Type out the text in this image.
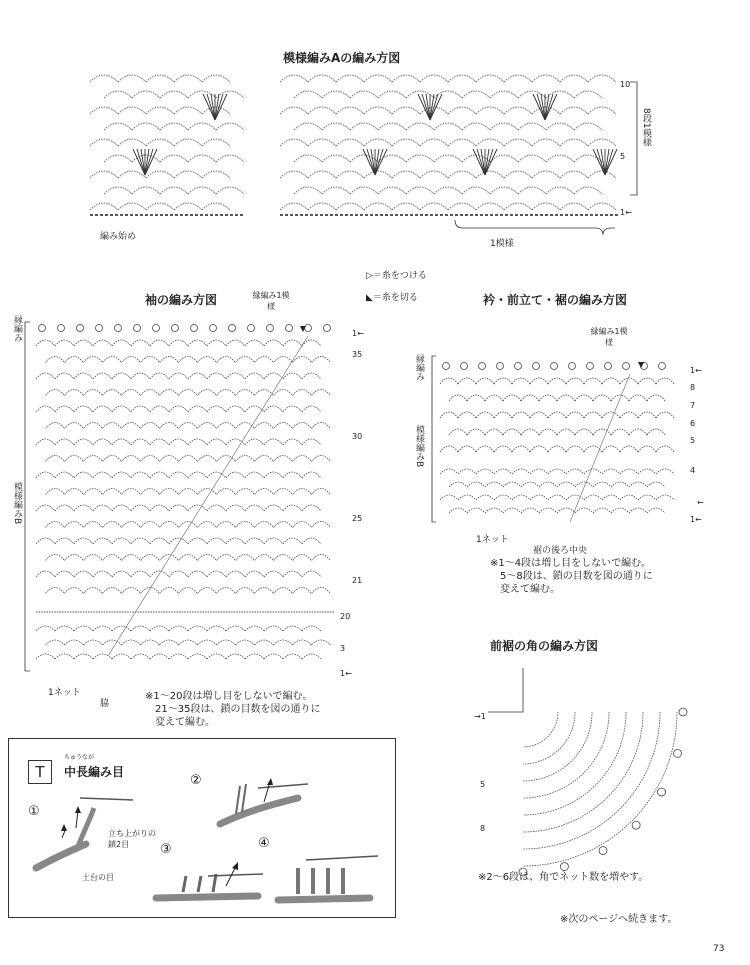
模様編みAの編み方図
10
5
1←
8段1模様
編み始め
1模様
▷＝糸をつける
◣＝糸を切る
袖の編み方図	縁編み1模様
縁編み
模様編みB
1←
35
30
25
21
20
3
1←
1ネット
脇
※1〜20段は増し目をしないで編む。
21〜35段は、鎖の目数を図の通りに
変えて編む。
衿・前立て・裾の編み方図
縁編み1模様
縁編み
模様編みB
1←
8
7
6
5
4
←
1←
1ネット
裾の後ろ中央
※1〜4段は増し目をしないで編む。
5〜8段は、鎖の目数を図の通りに
変えて編む。
前裾の角の編み方図
→1
5
8
※2〜6段は、角でネット数を増やす。
T
ちゅうなが
中長編み目
①
②
③	④
立ち上がりの鎖2目
土台の目
※次のページへ続きます。
73
